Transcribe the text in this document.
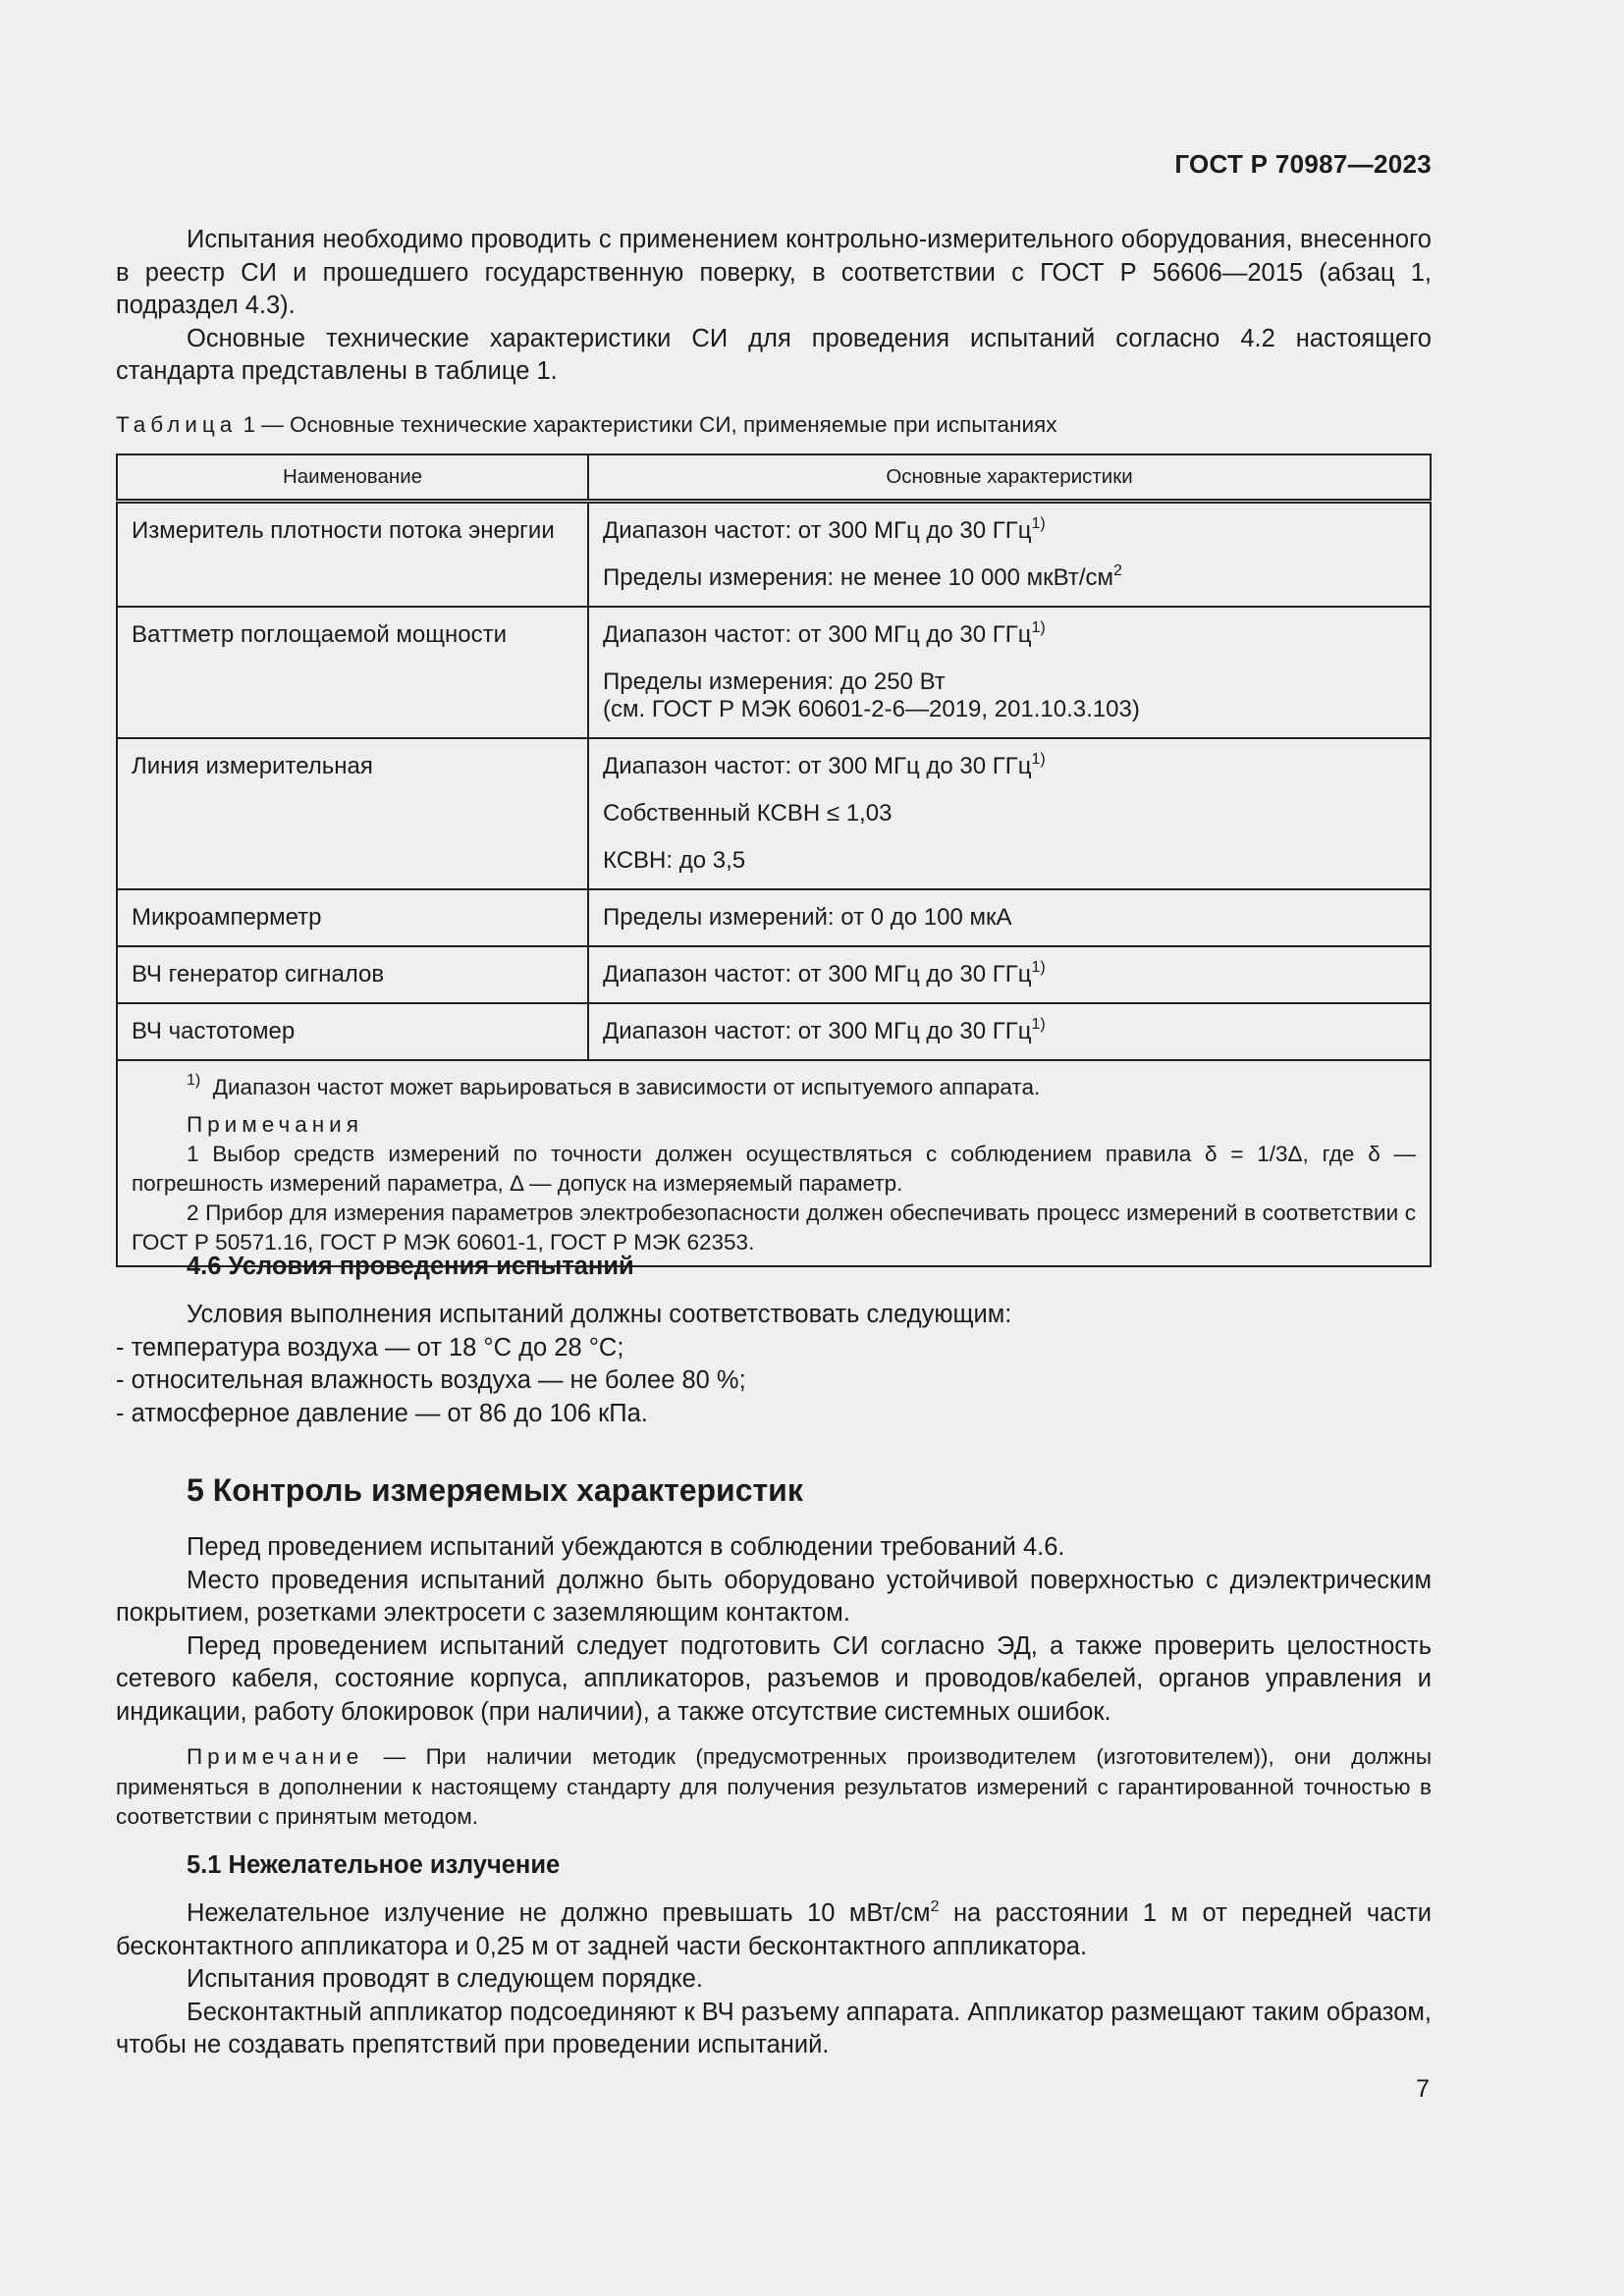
ГОСТ Р 70987—2023

Испытания необходимо проводить с применением контрольно-измерительного оборудования, внесенного в реестр СИ и прошедшего государственную поверку, в соответствии с ГОСТ Р 56606—2015 (абзац 1, подраздел 4.3).

Основные технические характеристики СИ для проведения испытаний согласно 4.2 настоящего стандарта представлены в таблице 1.

Таблица 1 — Основные технические характеристики СИ, применяемые при испытаниях
Наименование	Основные характеристики
Измеритель плотности потока энергии	Диапазон частот: от 300 МГц до 30 ГГц$^{1)}$
Пределы измерения: не менее 10 000 мкВт/$см^2$

Ваттметр поглощаемой мощности	Диапазон частот: от 300 МГц до 30 ГГц$^{1)}$
Пределы измерения: до 250 Вт
(см. ГОСТ Р МЭК 60601-2-6—2019, 201.10.3.103)

Линия измерительная	Диапазон частот: от 300 МГц до 30 ГГц$^{1)}$
Собственный КСВН ≤ 1,03
КСВН: до 3,5

Микроамперметр	Пределы измерений: от 0 до 100 мкА

ВЧ генератор сигналов	Диапазон частот: от 300 МГц до 30 ГГц$^{1)}$

ВЧ частотомер	Диапазон частот: от 300 МГц до 30 ГГц$^{1)}$

$^{1)}$ Диапазон частот может варьироваться в зависимости от испытуемого аппарата.
Примечания

1 Выбор средств измерений по точности должен осуществляться с соблюдением правила δ = 1/3Δ, где δ — погрешность измерений параметра, Δ — допуск на измеряемый параметр.

2 Прибор для измерения параметров электробезопасности должен обеспечивать процесс измерений в соответствии с ГОСТ Р 50571.16, ГОСТ Р МЭК 60601-1, ГОСТ Р МЭК 62353.	

4.6 Условия проведения испытаний

Условия выполнения испытаний должны соответствовать следующим:

- температура воздуха — от 18 °С до 28 °С;

- относительная влажность воздуха — не более 80 %;

- атмосферное давление — от 86 до 106 кПа.

5 Контроль измеряемых характеристик

Перед проведением испытаний убеждаются в соблюдении требований 4.6.

Место проведения испытаний должно быть оборудовано устойчивой поверхностью с диэлектрическим покрытием, розетками электросети с заземляющим контактом.

Перед проведением испытаний следует подготовить СИ согласно ЭД, а также проверить целостность сетевого кабеля, состояние корпуса, аппликаторов, разъемов и проводов/кабелей, органов управления и индикации, работу блокировок (при наличии), а также отсутствие системных ошибок.

Примечание — При наличии методик (предусмотренных производителем (изготовителем)), они должны применяться в дополнении к настоящему стандарту для получения результатов измерений с гарантированной точностью в соответствии с принятым методом.

5.1 Нежелательное излучение

Нежелательное излучение не должно превышать 10 мВт/$см^2$ на расстоянии 1 м от передней части бесконтактного аппликатора и 0,25 м от задней части бесконтактного аппликатора.

Испытания проводят в следующем порядке.

Бесконтактный аппликатор подсоединяют к ВЧ разъему аппарата. Аппликатор размещают таким образом, чтобы не создавать препятствий при проведении испытаний.

7
